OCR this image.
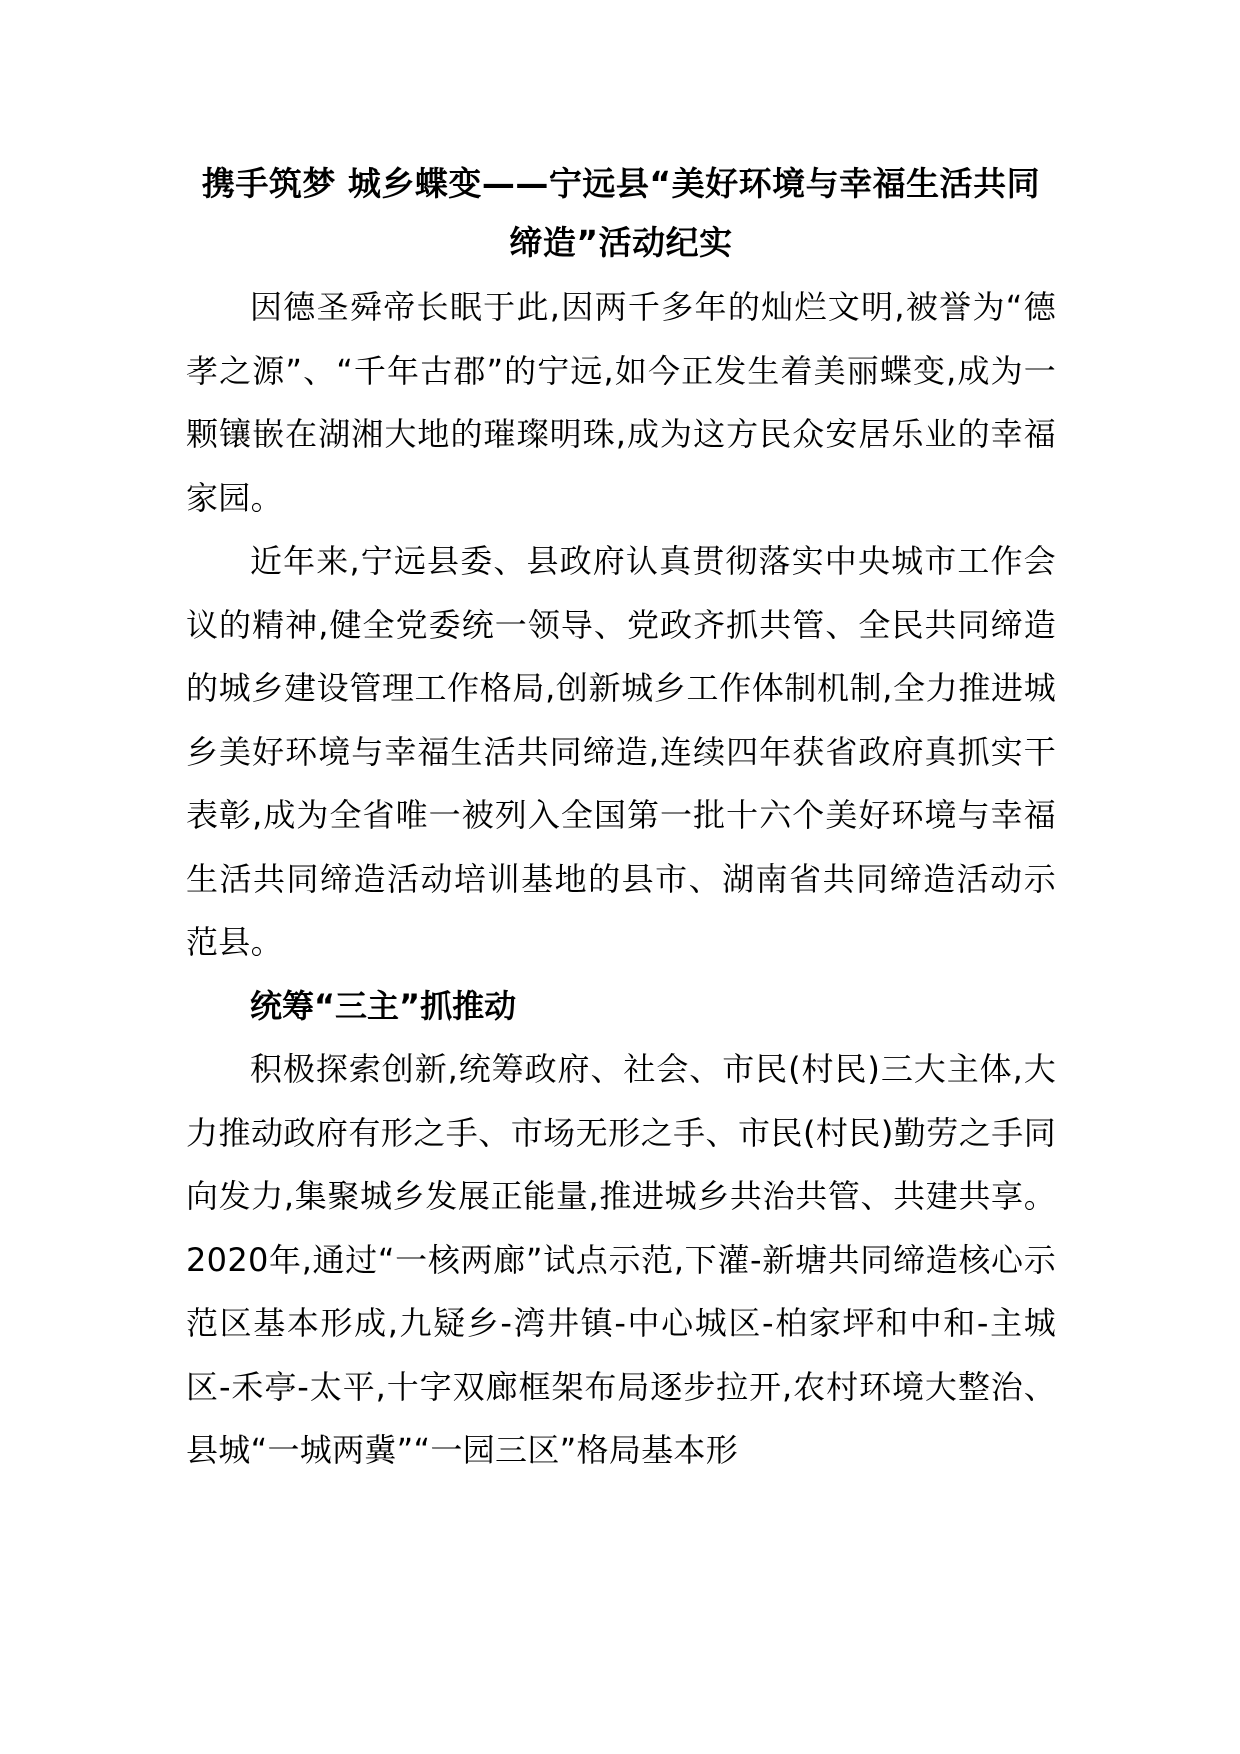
携手筑梦 城乡蝶变——宁远县“美好环境与幸福生活共同缔造”活动纪实

因德圣舜帝长眠于此,因两千多年的灿烂文明,被誉为“德孝之源”、“千年古郡”的宁远,如今正发生着美丽蝶变,成为一颗镶嵌在湖湘大地的璀璨明珠,成为这方民众安居乐业的幸福家园。

近年来,宁远县委、县政府认真贯彻落实中央城市工作会议的精神,健全党委统一领导、党政齐抓共管、全民共同缔造的城乡建设管理工作格局,创新城乡工作体制机制,全力推进城乡美好环境与幸福生活共同缔造,连续四年获省政府真抓实干表彰,成为全省唯一被列入全国第一批十六个美好环境与幸福生活共同缔造活动培训基地的县市、湖南省共同缔造活动示范县。

统筹“三主”抓推动

积极探索创新,统筹政府、社会、市民(村民)三大主体,大力推动政府有形之手、市场无形之手、市民(村民)勤劳之手同向发力,集聚城乡发展正能量,推进城乡共治共管、共建共享。2020年,通过“一核两廊”试点示范,下灌-新塘共同缔造核心示范区基本形成,九疑乡-湾井镇-中心城区-柏家坪和中和-主城区-禾亭-太平,十字双廊框架布局逐步拉开,农村环境大整治、县城“一城两冀”“一园三区”格局基本形
